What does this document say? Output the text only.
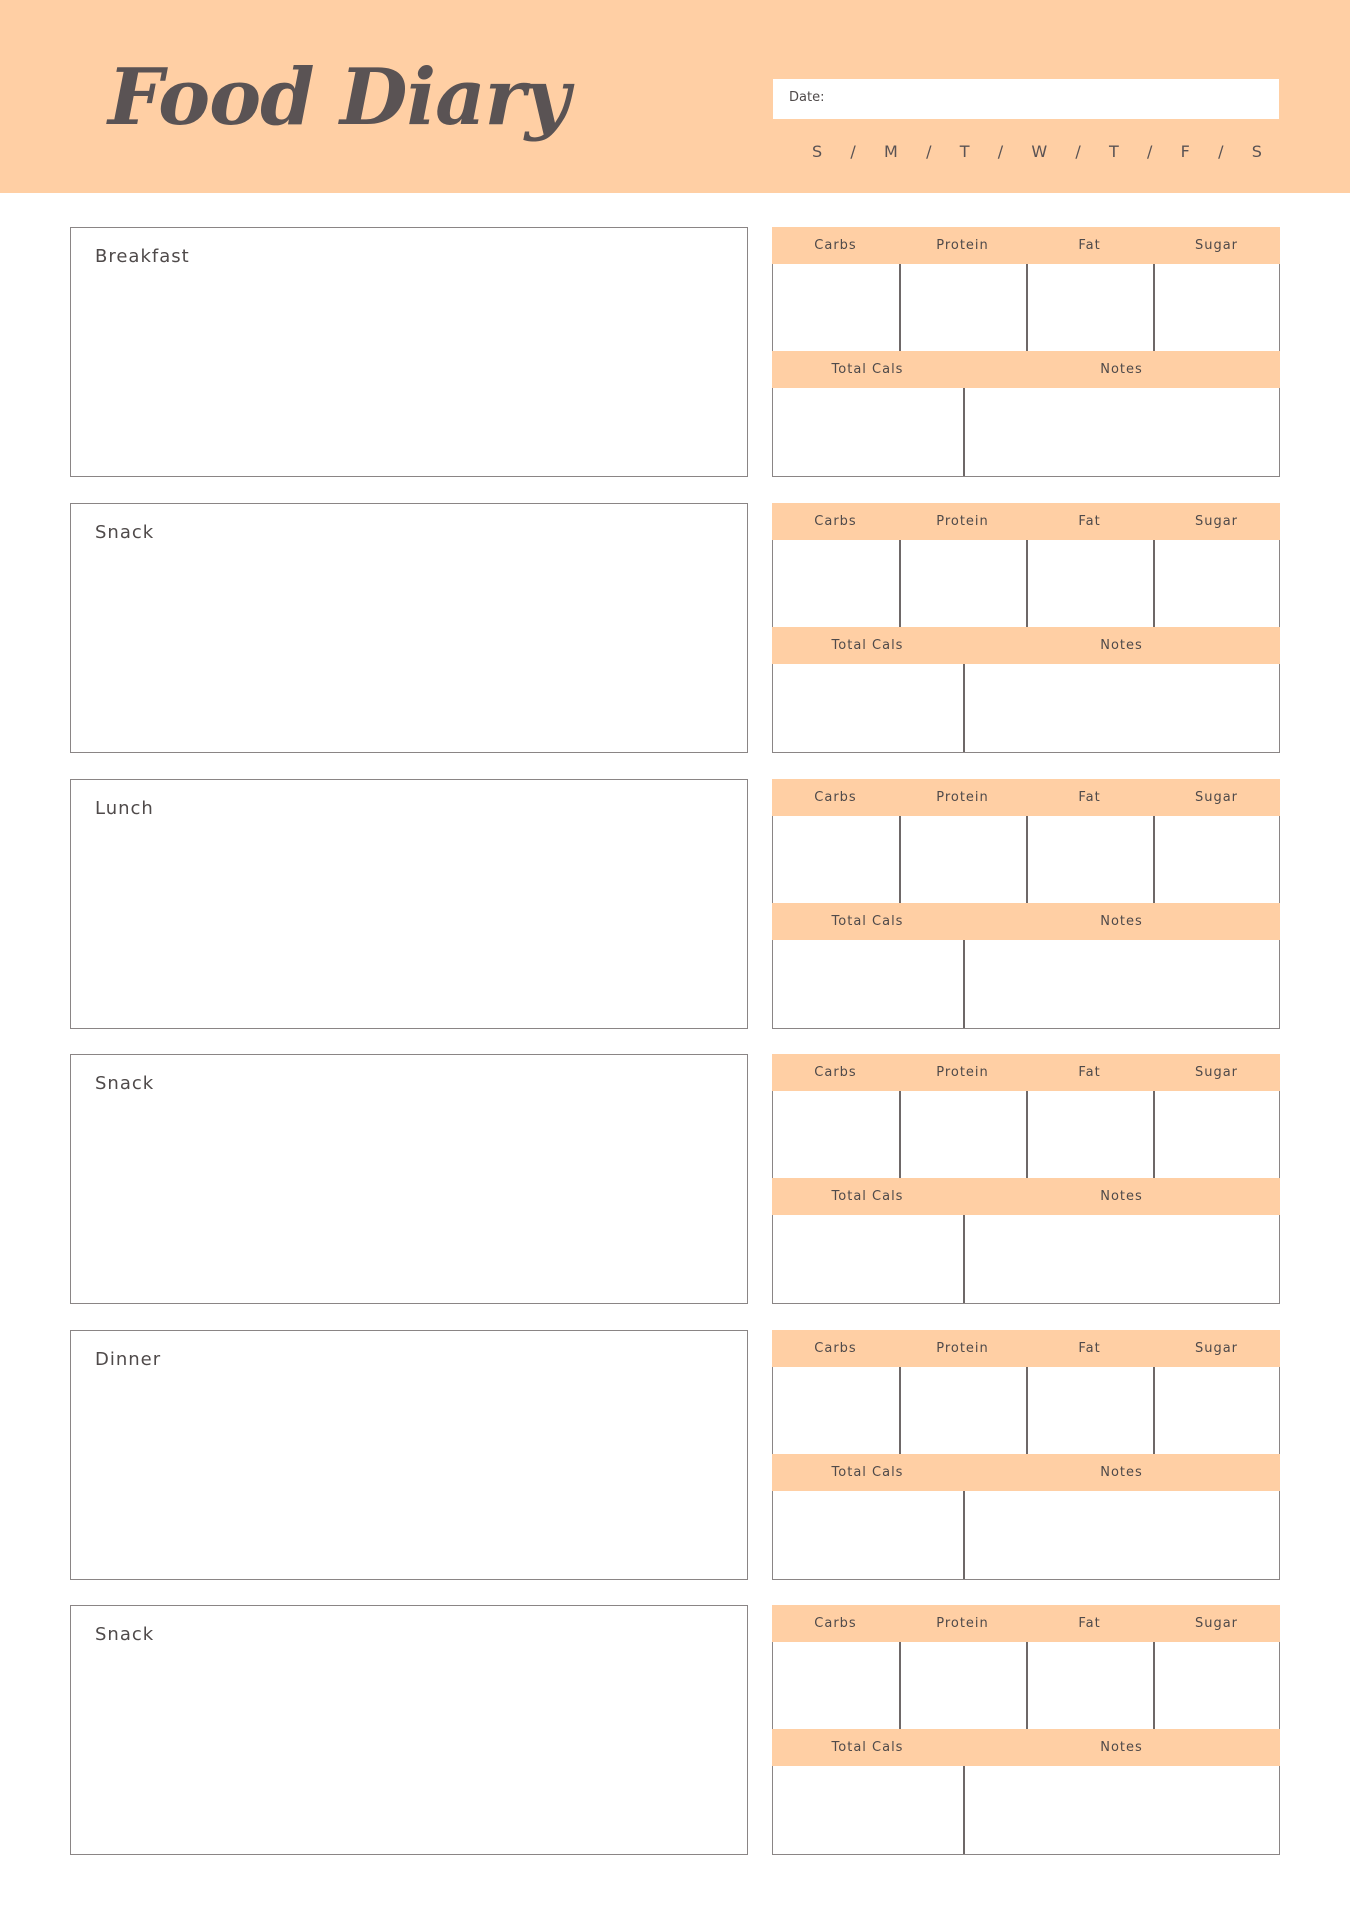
Food Diary	Date:
S / M / T / W / T / F / S
Breakfast
Carbs	Protein	Fat	Sugar
Total Cals	Notes
Snack
Carbs	Protein	Fat	Sugar
Total Cals	Notes
Lunch
Carbs	Protein	Fat	Sugar
Total Cals	Notes
Snack
Carbs	Protein	Fat	Sugar
Total Cals	Notes
Dinner
Carbs	Protein	Fat	Sugar
Total Cals	Notes
Snack
Carbs	Protein	Fat	Sugar
Total Cals	Notes
